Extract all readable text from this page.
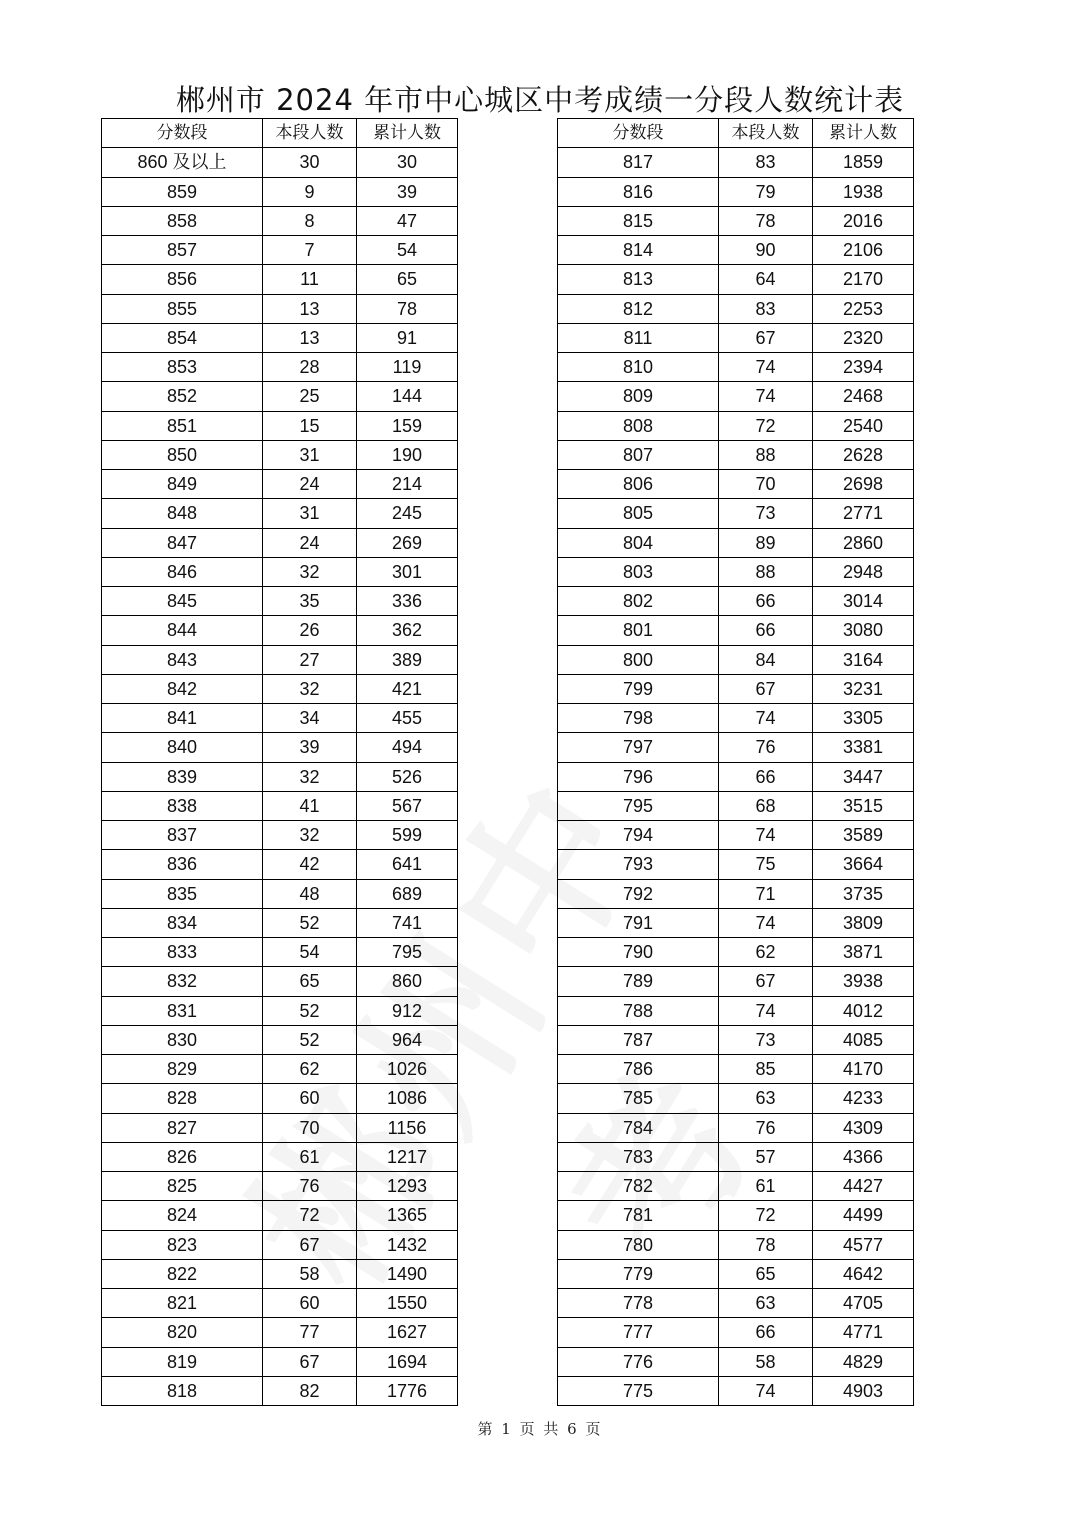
郴州市 2024 年市中心城区中考成绩一分段人数统计表
分数段	本段人数	累计人数
860 及以上	30	30
859	9	39
858	8	47
857	7	54
856	11	65
855	13	78
854	13	91
853	28	119
852	25	144
851	15	159
850	31	190
849	24	214
848	31	245
847	24	269
846	32	301
845	35	336
844	26	362
843	27	389
842	32	421
841	34	455
840	39	494
839	32	526
838	41	567
837	32	599
836	42	641
835	48	689
834	52	741
833	54	795
832	65	860
831	52	912
830	52	964
829	62	1026
828	60	1086
827	70	1156
826	61	1217
825	76	1293
824	72	1365
823	67	1432
822	58	1490
821	60	1550
820	77	1627
819	67	1694
818	82	1776
分数段	本段人数	累计人数
817	83	1859
816	79	1938
815	78	2016
814	90	2106
813	64	2170
812	83	2253
811	67	2320
810	74	2394
809	74	2468
808	72	2540
807	88	2628
806	70	2698
805	73	2771
804	89	2860
803	88	2948
802	66	3014
801	66	3080
800	84	3164
799	67	3231
798	74	3305
797	76	3381
796	66	3447
795	68	3515
794	74	3589
793	75	3664
792	71	3735
791	74	3809
790	62	3871
789	67	3938
788	74	4012
787	73	4085
786	85	4170
785	63	4233
784	76	4309
783	57	4366
782	61	4427
781	72	4499
780	78	4577
779	65	4642
778	63	4705
777	66	4771
776	58	4829
775	74	4903
第 1 页 共 6 页
